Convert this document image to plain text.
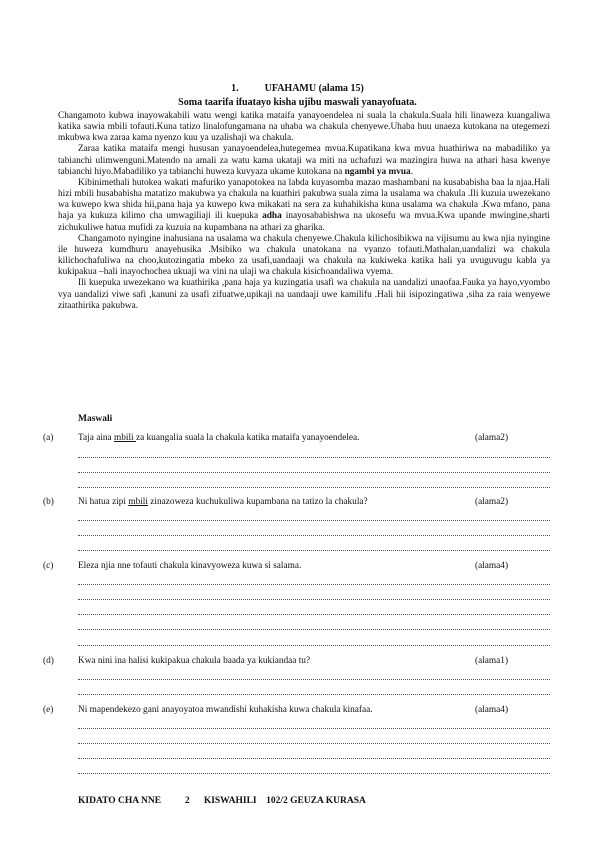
1.	UFAHAMU (alama 15)
Soma taarifa ifuatayo kisha ujibu maswali yanayofuata.

Changamoto kubwa inayowakabili watu wengi katika mataifa yanayoendelea ni suala la chakula.Suala hili linaweza kuangaliwa katika sawia mbili tofauti.Kuna tatizo linalofungamana na uhaba wa chakula chenyewe.Uhaba huu unaeza kutokana na utegemezi mkubwa kwa zaraa kama nyenzo kuu ya uzalishaji wa chakula.

Zaraa katika mataifa mengi hususan yanayoendelea,hutegemea mvua.Kupatikana kwa mvua huathiriwa na mabadiliko ya tabianchi ulimwenguni.Matendo na amali za watu kama ukataji wa miti na uchafuzi wa mazingira huwa na athari hasa kwenye tabianchi hiyo.Mabadiliko ya tabianchi huweza kuvyaza ukame kutokana na ngambi ya mvua.

Kibinimethali hutokea wakati mafuriko yanapotokea na labda kuyasomba mazao mashambani na kusababisha baa la njaa.Hali hizi mbili husababisha matatizo makubwa ya chakula na kuathiri pakubwa suala zima la usalama wa chakula .Ili kuzuia uwezekano wa kuwepo kwa shida hii,pana haja ya kuwepo kwa mikakati na sera za kuhahikisha kuna usalama wa chakula .Kwa mfano, pana haja ya kukuza kilimo cha umwagiliaji ili kuepuka adha inayosababishwa na ukosefu wa mvua.Kwa upande mwingine,sharti zichukuliwe hatua mufidi za kuzuia na kupambana na athari za gharika.

Changamoto nyingine inahusiana na usalama wa chakula chenyewe.Chakula kilichosibikwa na vijisumu au kwa njia nyingine ile huweza kumdhuru anayehusika .Msibiko wa chakula unatokana na vyanzo tofauti.Mathalan,uandalizi wa chakula kilichochafuliwa na choo,kutozingatia mbeko za usafi,uandaaji wa chakula na kukiweka katika hali ya uvuguvugu kabla ya kukipakua –hali inayochochea ukuaji wa vini na ulaji wa chakula kisichoandaliwa vyema.

Ili kuepuka uwezekano wa kuathirika ,pana haja ya kuzingatia usafi wa chakula na uandalizi unaofaa.Fauka ya hayo,vyombo vya uandalizi viwe safi ,kanuni za usafi zifuatwe,upikaji na uandaaji uwe kamilifu .Hali hii isipozingatiwa ,siha za raia wenyewe zitaathirika pakubwa.

Maswali
(a)	Taja aina mbili za kuangalia suala la chakula katika mataifa yanayoendelea.	(alama2)
(b)	Ni hatua zipi mbili zinazoweza kuchukuliwa kupambana na tatizo la chakula?	(alama2)
(c)	Eleza njia nne tofauti chakula kinavyoweza kuwa si salama.	(alama4)
(d)	Kwa nini ina halisi kukipakua chakula baada ya kukiandaa tu?	(alama1)
(e)	Ni mapendekezo gani anayoyatoa mwandishi kuhakisha kuwa chakula kinafaa.	(alama4)
KIDATO CHA NNE	2 KISWAHILI 102/2 GEUZA KURASA
